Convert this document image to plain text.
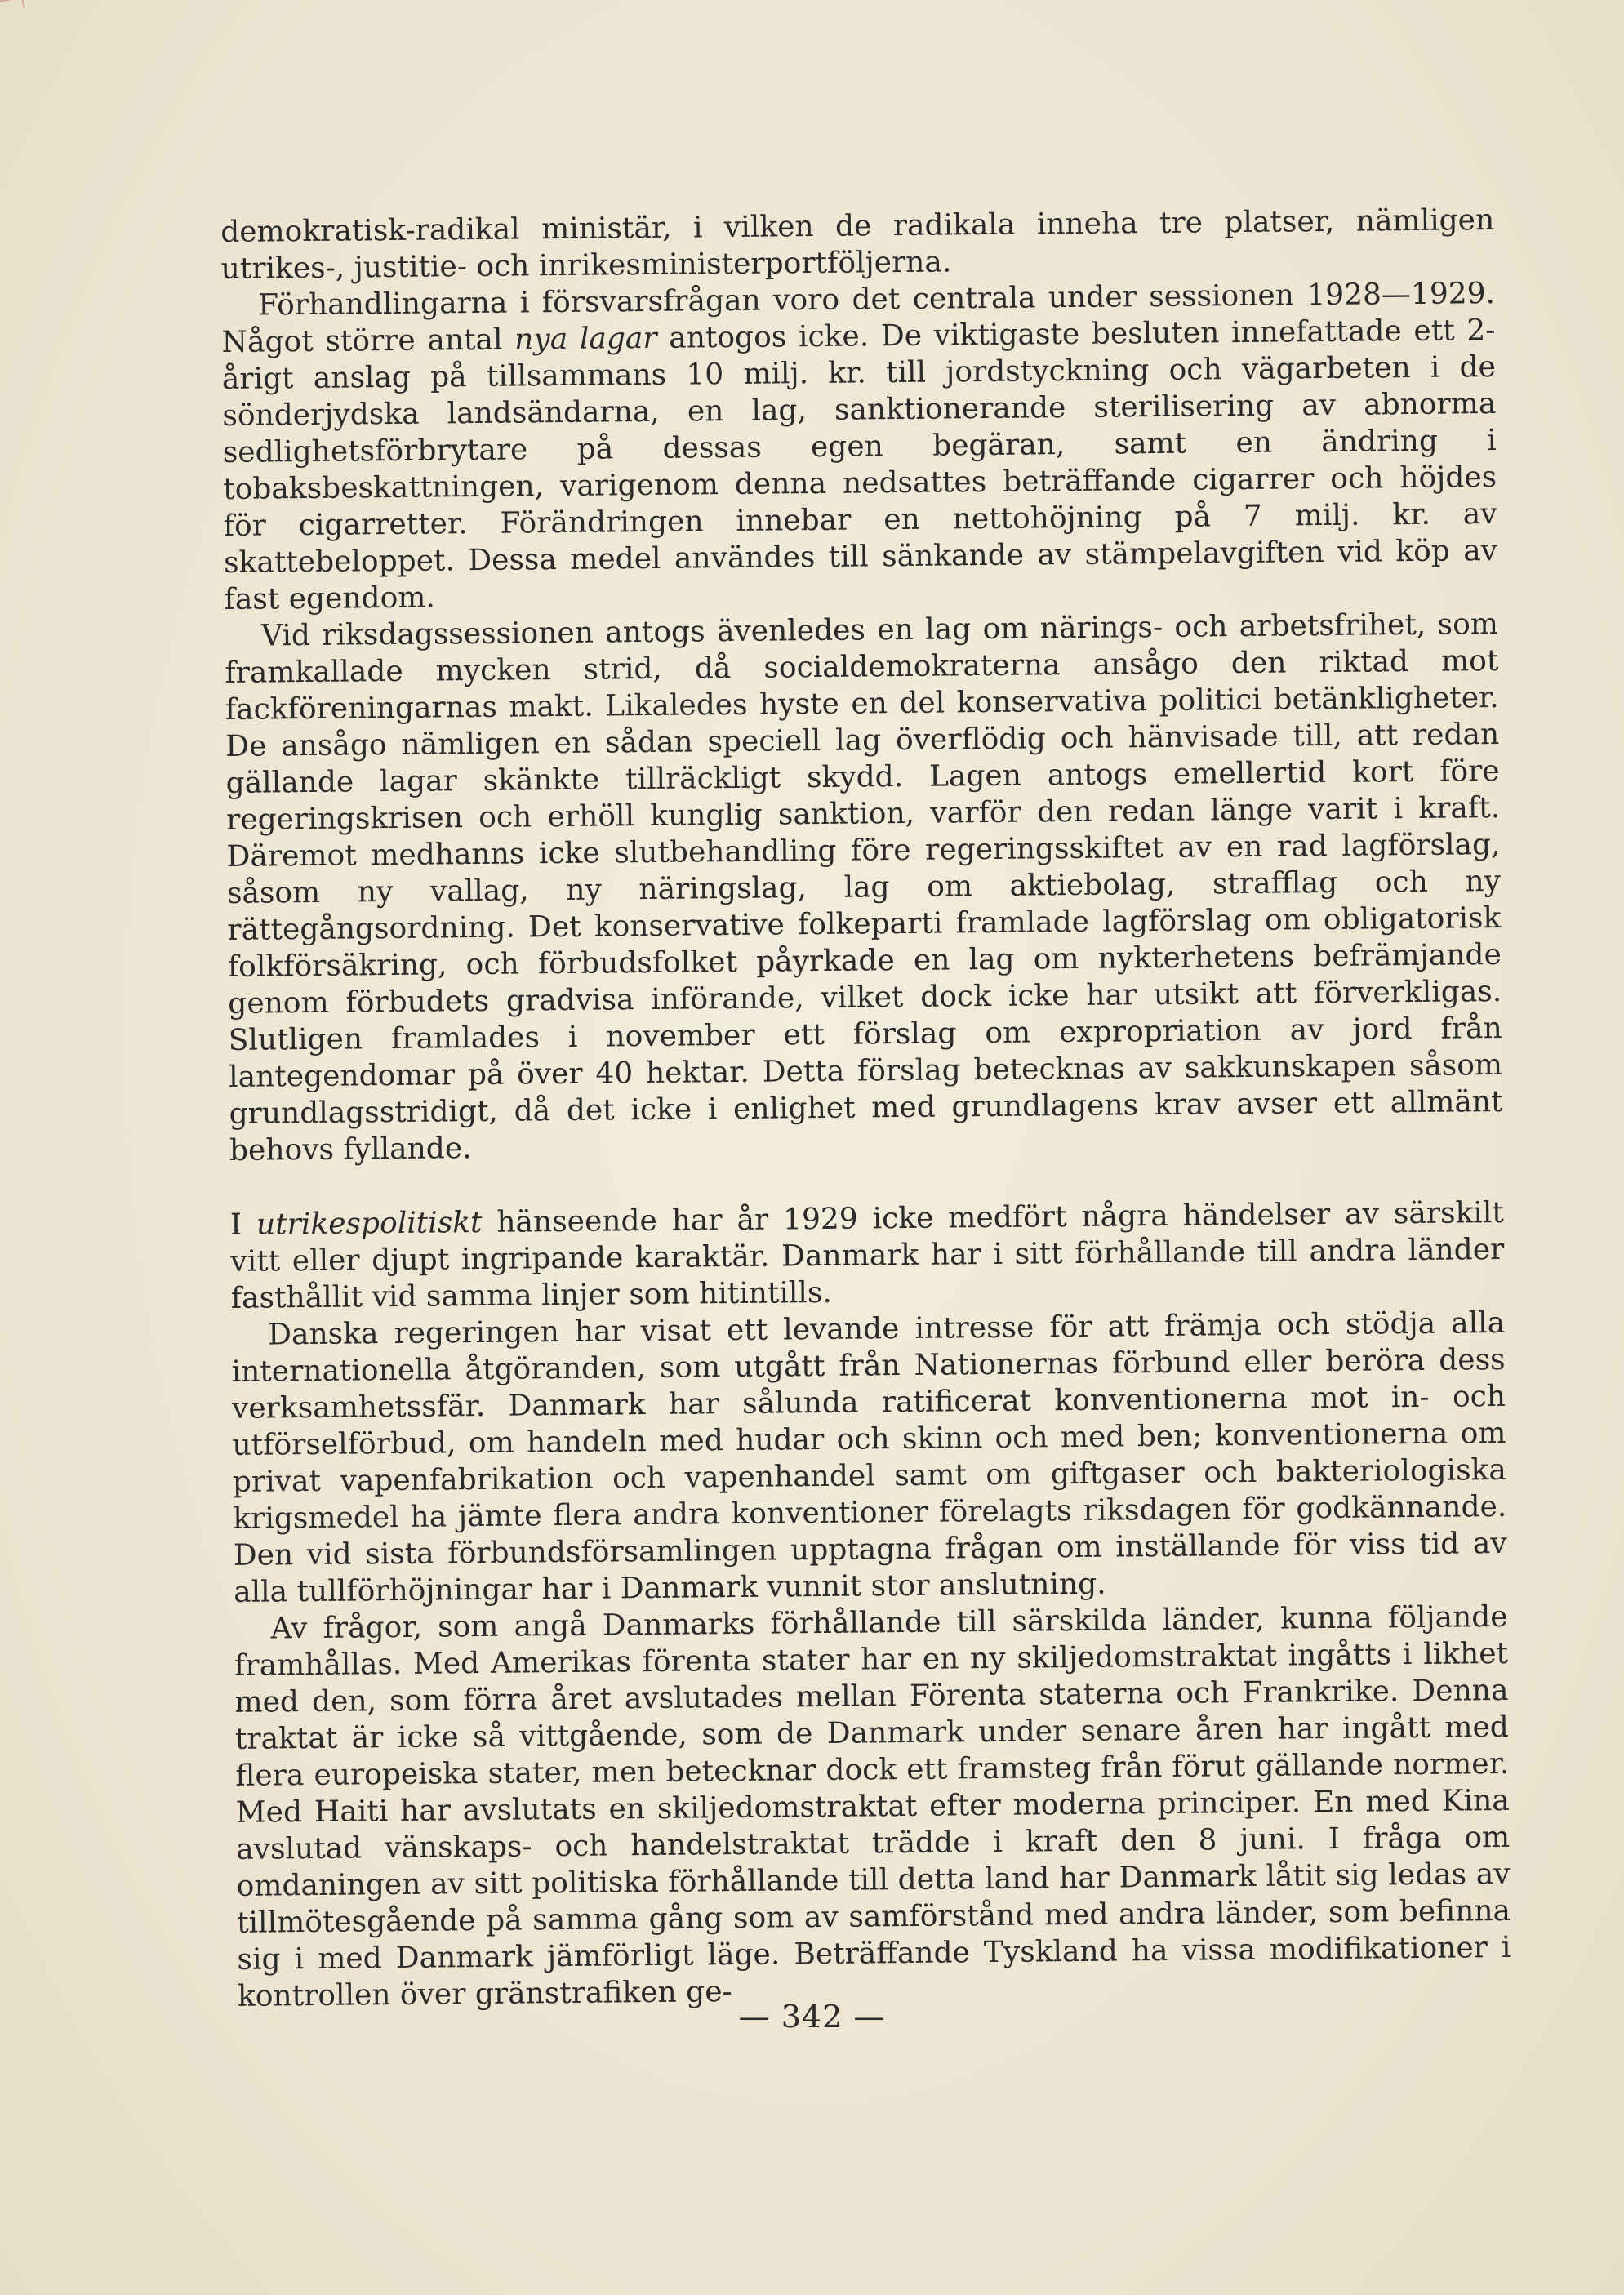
demokratisk-radikal ministär, i vilken de radikala inneha tre platser, nämligen utrikes-, justitie- och inrikesministerportföljerna.

Förhandlingarna i försvarsfrågan voro det centrala under sessionen 1928—1929. Något större antal nya lagar antogos icke. De viktigaste besluten innefattade ett 2-årigt anslag på tillsammans 10 milj. kr. till jordstyckning och vägarbeten i de sönderjydska landsändarna, en lag, sanktionerande sterilisering av abnorma sedlighetsförbrytare på dessas egen begäran, samt en ändring i tobaksbeskattningen, varigenom denna nedsattes beträffande cigarrer och höjdes för cigarretter. Förändringen innebar en nettohöjning på 7 milj. kr. av skattebeloppet. Dessa medel användes till sänkande av stämpelavgiften vid köp av fast egendom.

Vid riksdagssessionen antogs ävenledes en lag om närings- och arbetsfrihet, som framkallade mycken strid, då socialdemokraterna ansågo den riktad mot fackföreningarnas makt. Likaledes hyste en del konservativa politici betänkligheter. De ansågo nämligen en sådan speciell lag överflödig och hänvisade till, att redan gällande lagar skänkte tillräckligt skydd. Lagen antogs emellertid kort före regeringskrisen och erhöll kunglig sanktion, varför den redan länge varit i kraft. Däremot medhanns icke slutbehandling före regeringsskiftet av en rad lagförslag, såsom ny vallag, ny näringslag, lag om aktiebolag, strafflag och ny rättegångsordning. Det konservative folkeparti framlade lagförslag om obligatorisk folkförsäkring, och förbudsfolket påyrkade en lag om nykterhetens befrämjande genom förbudets gradvisa införande, vilket dock icke har utsikt att förverkligas. Slutligen framlades i november ett förslag om expropriation av jord från lantegendomar på över 40 hektar. Detta förslag betecknas av sakkunskapen såsom grundlagsstridigt, då det icke i enlighet med grundlagens krav avser ett allmänt behovs fyllande.

I utrikespolitiskt hänseende har år 1929 icke medfört några händelser av särskilt vitt eller djupt ingripande karaktär. Danmark har i sitt förhållande till andra länder fasthållit vid samma linjer som hitintills.

Danska regeringen har visat ett levande intresse för att främja och stödja alla internationella åtgöranden, som utgått från Nationernas förbund eller beröra dess verksamhetssfär. Danmark har sålunda ratificerat konventionerna mot in- och utförselförbud, om handeln med hudar och skinn och med ben; konventionerna om privat vapenfabrikation och vapenhandel samt om giftgaser och bakteriologiska krigsmedel ha jämte flera andra konventioner förelagts riksdagen för godkännande. Den vid sista förbundsförsamlingen upptagna frågan om inställande för viss tid av alla tullförhöjningar har i Danmark vunnit stor anslutning.

Av frågor, som angå Danmarks förhållande till särskilda länder, kunna följande framhållas. Med Amerikas förenta stater har en ny skiljedomstraktat ingåtts i likhet med den, som förra året avslutades mellan Förenta staterna och Frankrike. Denna traktat är icke så vittgående, som de Danmark under senare åren har ingått med flera europeiska stater, men betecknar dock ett framsteg från förut gällande normer. Med Haiti har avslutats en skiljedomstraktat efter moderna principer. En med Kina avslutad vänskaps- och handelstraktat trädde i kraft den 8 juni. I fråga om omdaningen av sitt politiska förhållande till detta land har Danmark låtit sig ledas av tillmötesgående på samma gång som av samförstånd med andra länder, som befinna sig i med Danmark jämförligt läge. Beträffande Tyskland ha vissa modifikationer i kontrollen över gränstrafiken ge-

— 342 —
